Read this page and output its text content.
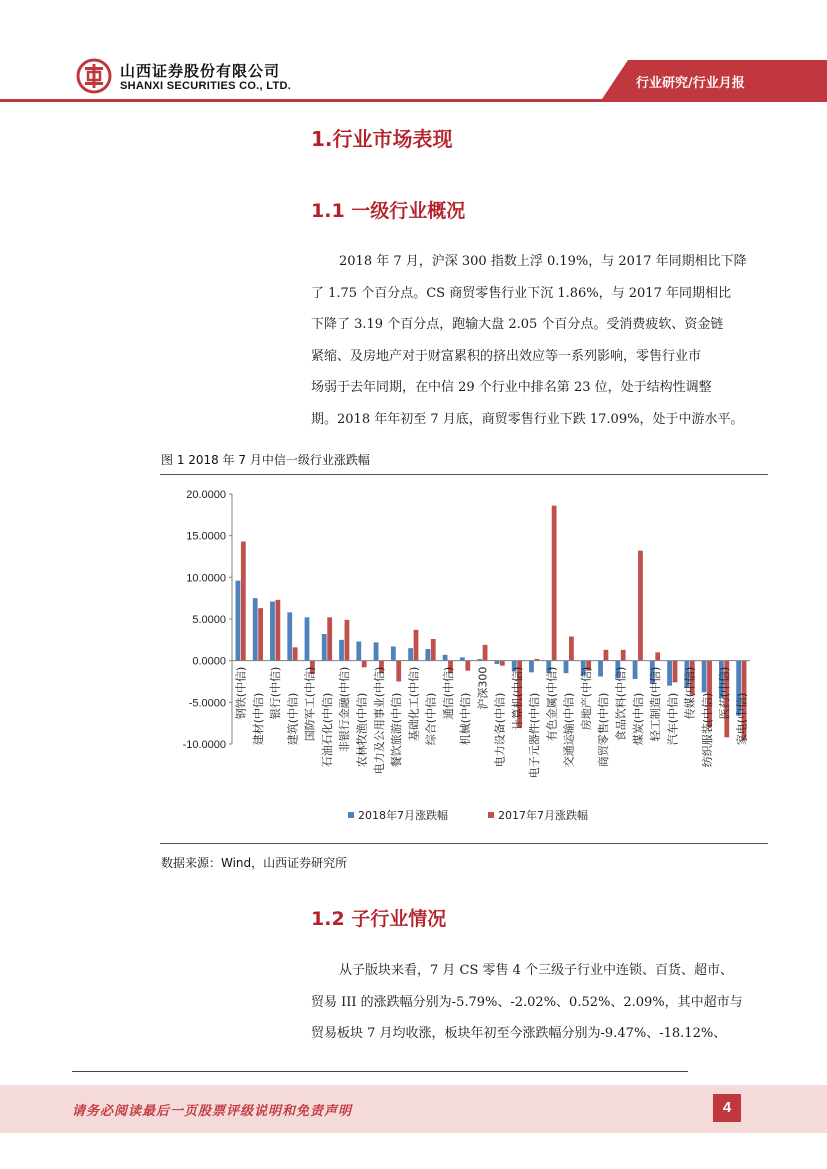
山西证券股份有限公司
SHANXI SECURITIES CO., LTD.	行业研究/行业月报
1.行业市场表现
1.1 一级行业概况
2018 年 7 月，沪深 300 指数上浮 0.19%，与 2017 年同期相比下降
了 1.75 个百分点。CS 商贸零售行业下沉 1.86%，与 2017 年同期相比
下降了 3.19 个百分点，跑输大盘 2.05 个百分点。受消费疲软、资金链
紧缩、及房地产对于财富累积的挤出效应等一系列影响，零售行业市
场弱于去年同期，在中信 29 个行业中排名第 23 位，处于结构性调整
期。2018 年年初至 7 月底，商贸零售行业下跌 17.09%，处于中游水平。
图 1 2018 年 7 月中信一级行业涨跌幅
20.0000
15.0000
10.0000
5.0000
0.0000
-5.0000
-10.0000
钢铁(中信) 建材(中信) 银行(中信) 建筑(中信) 国防军工(中信) 石油石化(中信) 非银行金融(中信) 农林牧渔(中信) 电力及公用事业(中信) 餐饮旅游(中信) 基础化工(中信) 综合(中信) 通信(中信) 机械(中信)
沪深300
电力设备(中信) 计算机(中信) 电子元器件(中信) 有色金属(中信) 交通运输(中信) 房地产(中信) 商贸零售(中信) 食品饮料(中信) 煤炭(中信) 轻工制造(中信) 汽车(中信) 传媒(中信) 纺织服装(中信) 医药(中信) 家电(中信)
2018年7月涨跌幅	2017年7月涨跌幅
数据来源：Wind，山西证券研究所
1.2 子行业情况
从子版块来看，7 月 CS 零售 4 个三级子行业中连锁、百货、超市、
贸易 III 的涨跌幅分别为-5.79%、-2.02%、0.52%、2.09%，其中超市与
贸易板块 7 月均收涨，板块年初至今涨跌幅分别为-9.47%、-18.12%、
请务必阅读最后一页股票评级说明和免责声明	4
